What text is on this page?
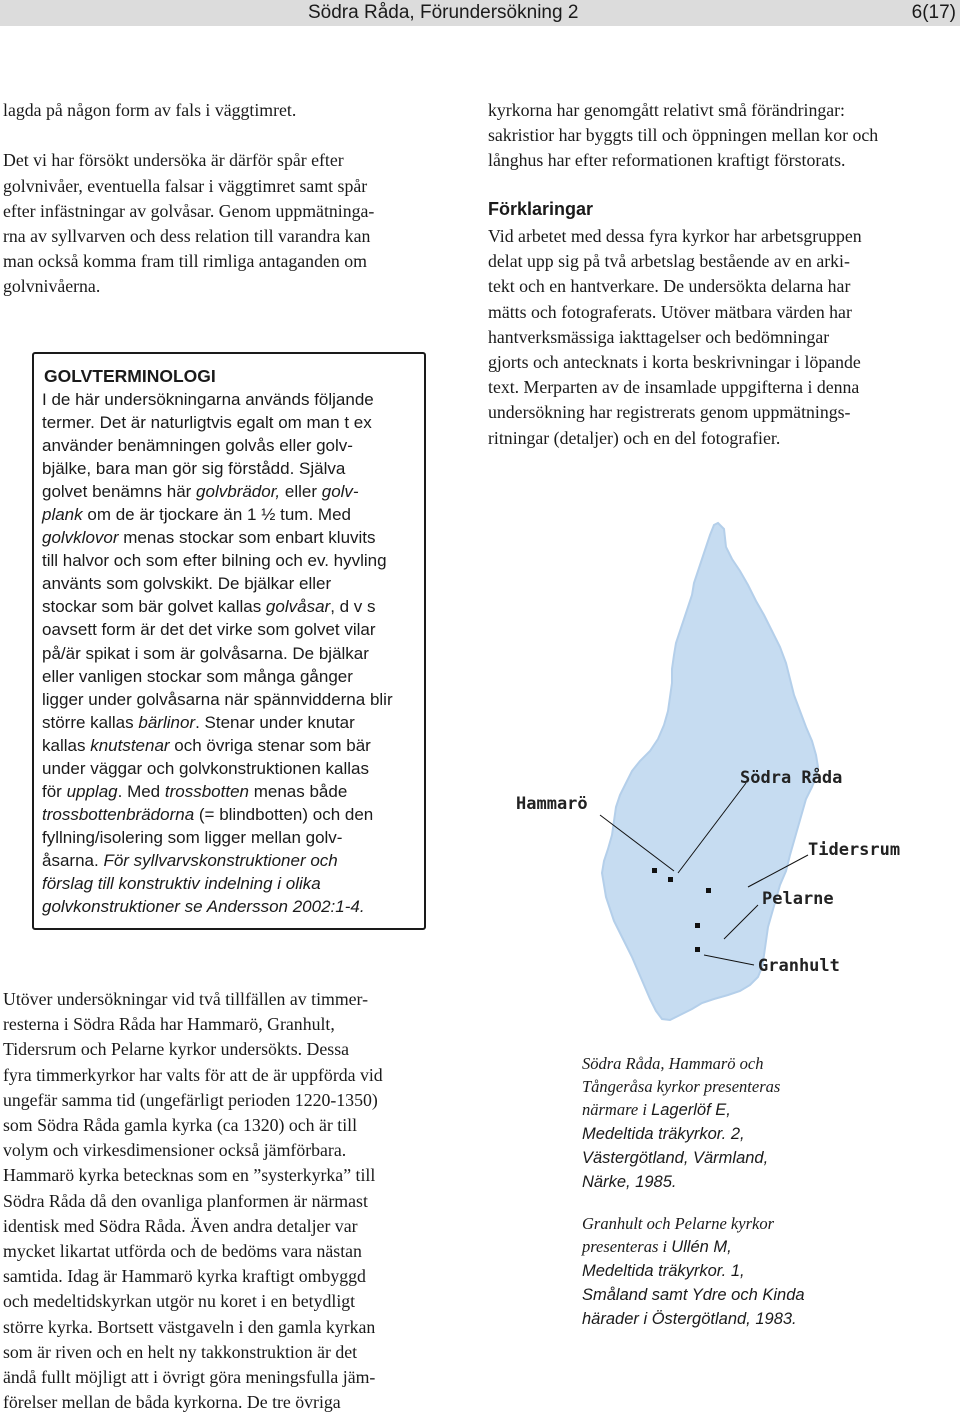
Södra Råda, Förundersökning 2	6(17)

lagda på någon form av fals i väggtimret.

Det vi har försökt undersöka är därför spår efter
golvnivåer, eventuella falsar i väggtimret samt spår
efter infästningar av golvåsar. Genom uppmätninga-
rna av syllvarven och dess relation till varandra kan
man också komma fram till rimliga antaganden om
golvnivåerna.

GOLVTERMINOLOGI

I de här undersökningarna används följande
termer. Det är naturligtvis egalt om man t ex
använder benämningen golvås eller golv-
bjälke, bara man gör sig förstådd. Själva
golvet benämns här golvbrädor, eller golv-
plank om de är tjockare än 1 ½ tum. Med
golvklovor menas stockar som enbart kluvits
till halvor och som efter bilning och ev. hyvling
använts som golvskikt. De bjälkar eller
stockar som bär golvet kallas golvåsar, d v s
oavsett form är det det virke som golvet vilar
på/är spikat i som är golvåsarna. De bjälkar
eller vanligen stockar som många gånger
ligger under golvåsarna när spännvidderna blir
större kallas bärlinor. Stenar under knutar
kallas knutstenar och övriga stenar som bär
under väggar och golvkonstruktionen kallas
för upplag. Med trossbotten menas både
trossbottenbrädorna (= blindbotten) och den
fyllning/isolering som ligger mellan golv-
åsarna. För syllvarvskonstruktioner och
förslag till konstruktiv indelning i olika
golvkonstruktioner se Andersson 2002:1-4.

kyrkorna har genomgått relativt små förändringar:
sakristior har byggts till och öppningen mellan kor och
långhus har efter reformationen kraftigt förstorats.

Förklaringar

Vid arbetet med dessa fyra kyrkor har arbetsgruppen
delat upp sig på två arbetslag bestående av en arki-
tekt och en hantverkare. De undersökta delarna har
mätts och fotograferats. Utöver mätbara värden har
hantverksmässiga iakttagelser och bedömningar
gjorts och antecknats i korta beskrivningar i löpande
text. Merparten av de insamlade uppgifterna i denna
undersökning har registrerats genom uppmätnings-
ritningar (detaljer) och en del fotografier.

Hammarö
Södra Råda
Tidersrum
Pelarne
Granhult

Utöver undersökningar vid två tillfällen av timmer-
resterna i Södra Råda har Hammarö, Granhult,
Tidersrum och Pelarne kyrkor undersökts. Dessa
fyra timmerkyrkor har valts för att de är uppförda vid
ungefär samma tid (ungefärligt perioden 1220-1350)
som Södra Råda gamla kyrka (ca 1320) och är till
volym och virkesdimensioner också jämförbara.
Hammarö kyrka betecknas som en ”systerkyrka” till
Södra Råda då den ovanliga planformen är närmast
identisk med Södra Råda. Även andra detaljer var
mycket likartat utförda och de bedöms vara nästan
samtida. Idag är Hammarö kyrka kraftigt ombyggd
och medeltidskyrkan utgör nu koret i en betydligt
större kyrka. Bortsett västgaveln i den gamla kyrkan
som är riven och en helt ny takkonstruktion är det
ändå fullt möjligt att i övrigt göra meningsfulla jäm-
förelser mellan de båda kyrkorna. De tre övriga

Södra Råda, Hammarö och
Tångeråsa kyrkor presenteras
närmare i Lagerlöf E,
Medeltida träkyrkor. 2,
Västergötland, Värmland,
Närke, 1985.

Granhult och Pelarne kyrkor
presenteras i Ullén M,
Medeltida träkyrkor. 1,
Småland samt Ydre och Kinda
härader i Östergötland, 1983.
